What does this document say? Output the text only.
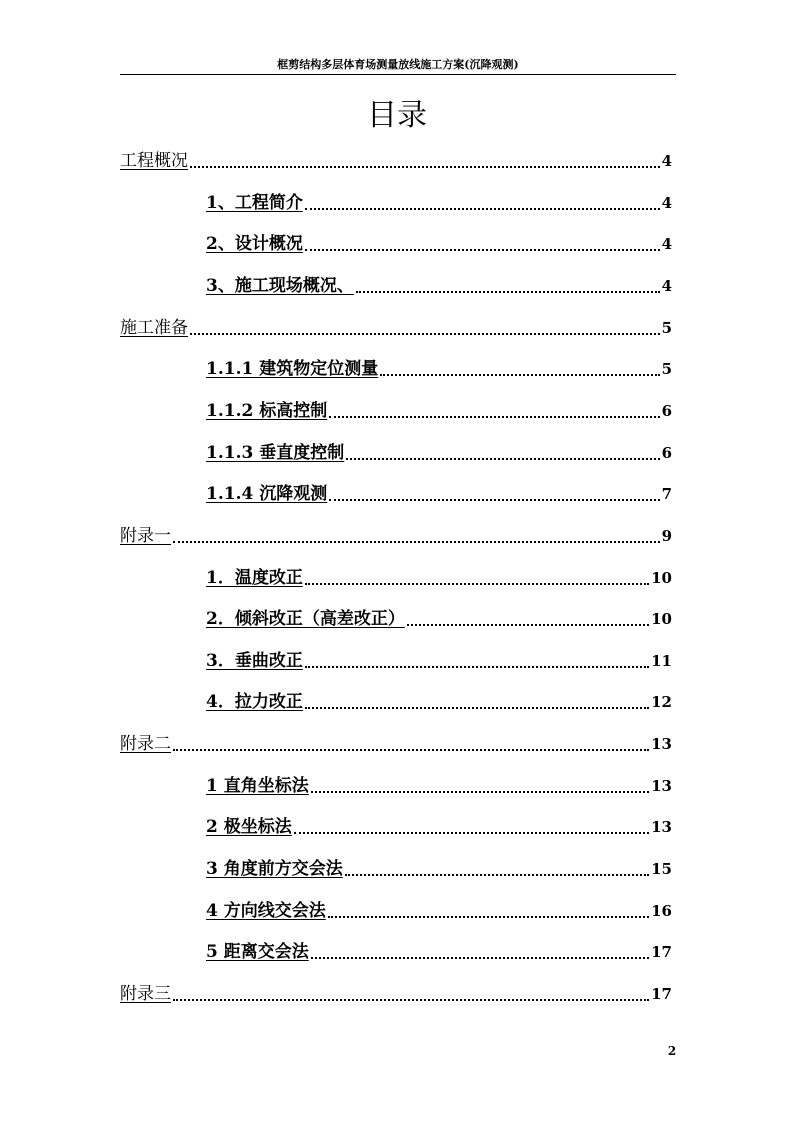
框剪结构多层体育场测量放线施工方案(沉降观测)
目录
工程概况	4
1、工程简介	4
2、设计概况	4
3、施工现场概况、	4
施工准备	5
1.1.1 建筑物定位测量	5
1.1.2 标高控制	6
1.1.3 垂直度控制	6
1.1.4 沉降观测	7
附录一	9
1．温度改正	10
2．倾斜改正（高差改正）	10
3．垂曲改正	11
4．拉力改正	12
附录二	13
1 直角坐标法	13
2 极坐标法	13
3 角度前方交会法	15
4 方向线交会法	16
5 距离交会法	17
附录三	17
2
